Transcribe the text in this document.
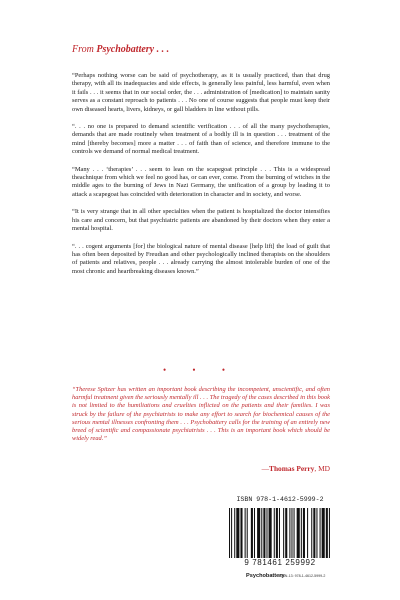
From Psychobattery . . .

“Perhaps nothing worse can be said of psychotherapy, as it is usually practiced, than that drug therapy, with all its inadequacies and side effects, is generally less painful, less harmful, even when it fails . . . it seems that in our social order, the . . . administration of [medication] to maintain sanity serves as a constant reproach to patients . . . No one of course suggests that people must keep their own diseased hearts, livers, kidneys, or gall bladders in line without pills.

“. . . no one is prepared to demand scientific verification . . . of all the many psychotherapies, demands that are made routinely when treatment of a bodily ill is in question . . . treatment of the mind [thereby becomes] more a matter . . . of faith than of science, and therefore immune to the controls we demand of normal medical treatment.

“Many . . . ‘therapies’ . . . seem to lean on the scapegoat principle . . . This is a widespread theachnique from which we feel no good has, or can ever, come. From the burning of witches in the middle ages to the burning of Jews in Nazi Germany, the unification of a group by leading it to attack a scapegoat has coincided with deterioration in character and in society, and worse.

“It is very strange that in all other specialties when the patient is hospitalized the doctor intensifies his care and concern, but that psychiatric patients are abandoned by their doctors when they enter a mental hospital.

“. . . cogent arguments [for] the biological nature of mental disease [help lift] the load of guilt that has often been deposited by Freudian and other psychologically inclined therapists on the shoulders of patients and relatives, people . . . already carrying the almost intolerable burden of one of the most chronic and heartbreaking diseases known.”

• • •

“Therese Spitzer has written an important book describing the incompetent, unscientific, and often harmful treatment given the seriously mentally ill . . . The tragedy of the cases described in this book is not limited to the humiliations and cruelties inflicted on the patients and their families. I was struck by the failure of the psychiatrists to make any effort to search for biochemical causes of the serious mental illnesses confronting them . . . Psychobattery calls for the training of an entirely new breed of scientific and compassionate psychiatrists . . . This is an important book which should be widely read.”

—Thomas Perry, MD
ISBN 978-1-4612-5999-2
9 781461 259992
Psychobattery
ISBN-13: 978-1-4612-5999-2
